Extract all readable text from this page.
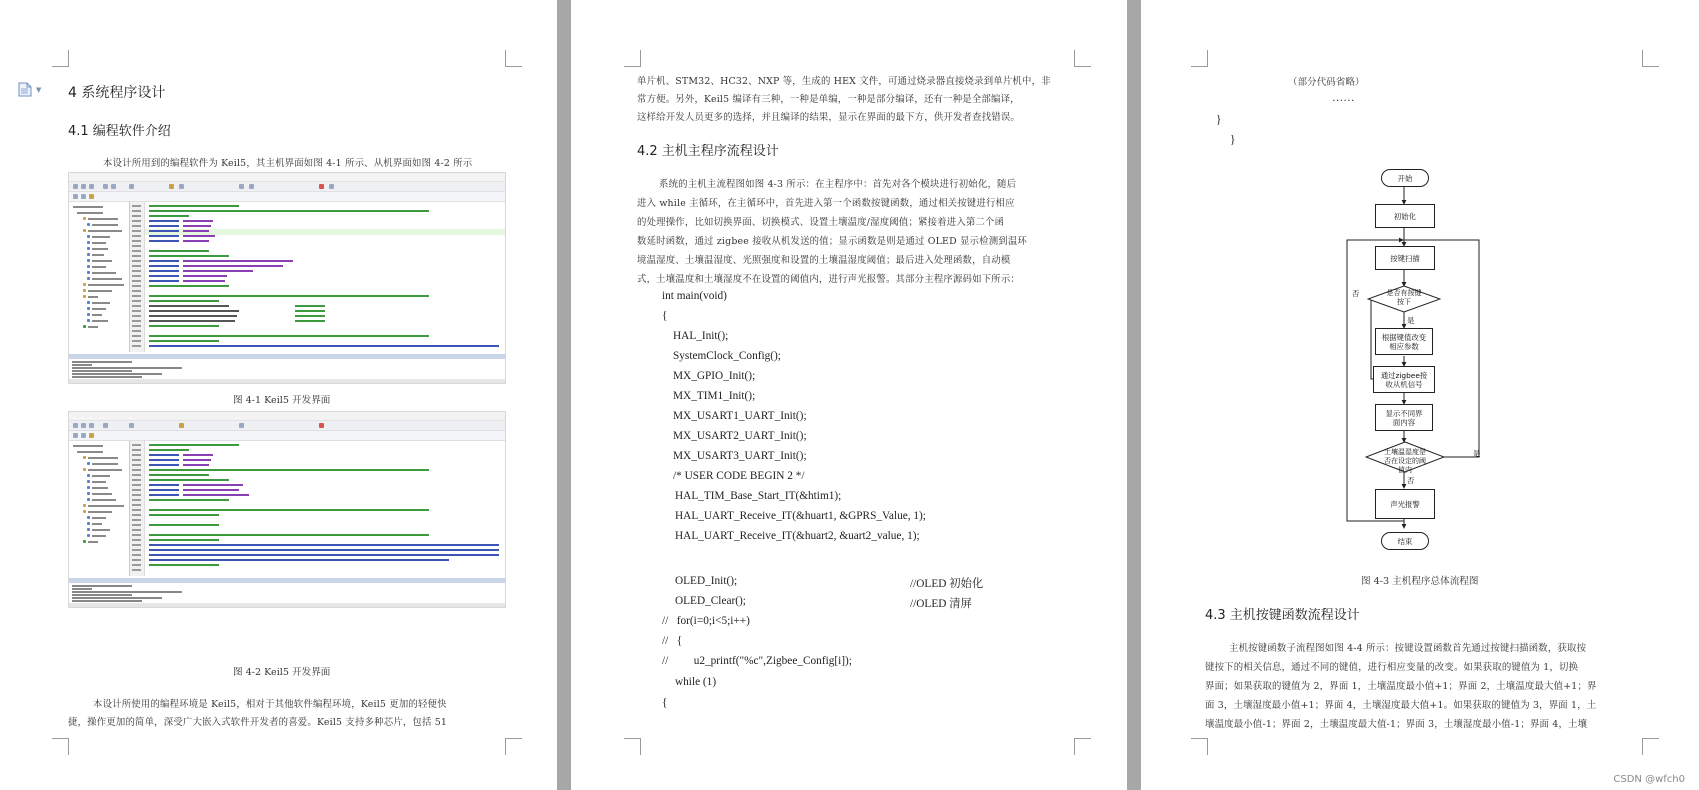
▼ 4 系统程序设计
4.1 编程软件介绍
本设计所用到的编程软件为 Keil5，其主机界面如图 4-1 所示、从机界面如图 4-2 所示
图 4-1 Keil5 开发界面
图 4-2 Keil5 开发界面
本设计所使用的编程环境是 Keil5，相对于其他软件编程环境，Keil5 更加的轻便快
捷，操作更加的简单，深受广大嵌入式软件开发者的喜爱。Keil5 支持多种芯片，包括 51
单片机、STM32、HC32、NXP 等，生成的 HEX 文件，可通过烧录器直接烧录到单片机中，非
常方便。另外，Keil5 编译有三种，一种是单编，一种是部分编译，还有一种是全部编译，
这样给开发人员更多的选择，并且编译的结果，显示在界面的最下方，供开发者查找错误。
4.2 主机主程序流程设计
系统的主机主流程图如图 4-3 所示：在主程序中：首先对各个模块进行初始化，随后
进入 while 主循环，在主循环中，首先进入第一个函数按键函数，通过相关按键进行相应
的处理操作，比如切换界面、切换模式、设置土壤温度/湿度阈值；紧接着进入第二个函
数延时函数，通过 zigbee 接收从机发送的值；显示函数是则是通过 OLED 显示检测到温环
境温湿度、土壤温湿度、光照强度和设置的土壤温湿度阈值；最后进入处理函数，自动模
式，土壤温度和土壤湿度不在设置的阈值内，进行声光报警。其部分主程序源码如下所示：
int main(void)
{
HAL_Init();
SystemClock_Config();
MX_GPIO_Init();
MX_TIM1_Init();
MX_USART1_UART_Init();
MX_USART2_UART_Init();
MX_USART3_UART_Init();
/* USER CODE BEGIN 2 */
HAL_TIM_Base_Start_IT(&htim1);
HAL_UART_Receive_IT(&huart1, &GPRS_Value, 1);
HAL_UART_Receive_IT(&huart2, &uart2_value, 1);
OLED_Init();	//OLED 初始化
OLED_Clear();	//OLED 清屏
//   for(i=0;i<5;i++)
//   {
//         u2_printf("%c",Zigbee_Config[i]);
while (1)
{
（部分代码省略）
……
}
}
开始
初始化
按键扫描
是否有按键按下
否
是
根据键值改变相应参数
通过zigbee接收从机信号
显示不同界面内容
土壤温湿度是否在设定的阈值内
是
否
声光报警
结束
图 4-3 主机程序总体流程图
4.3 主机按键函数流程设计
主机按键函数子流程图如图 4-4 所示：按键设置函数首先通过按键扫描函数，获取按
键按下的相关信息，通过不同的键值，进行相应变量的改变。如果获取的键值为 1，切换
界面；如果获取的键值为 2，界面 1，土壤温度最小值+1；界面 2，土壤温度最大值+1；界
面 3，土壤湿度最小值+1；界面 4，土壤湿度最大值+1。如果获取的键值为 3，界面 1，土
壤温度最小值-1；界面 2，土壤温度最大值-1；界面 3，土壤湿度最小值-1；界面 4，土壤
CSDN @wfch0
